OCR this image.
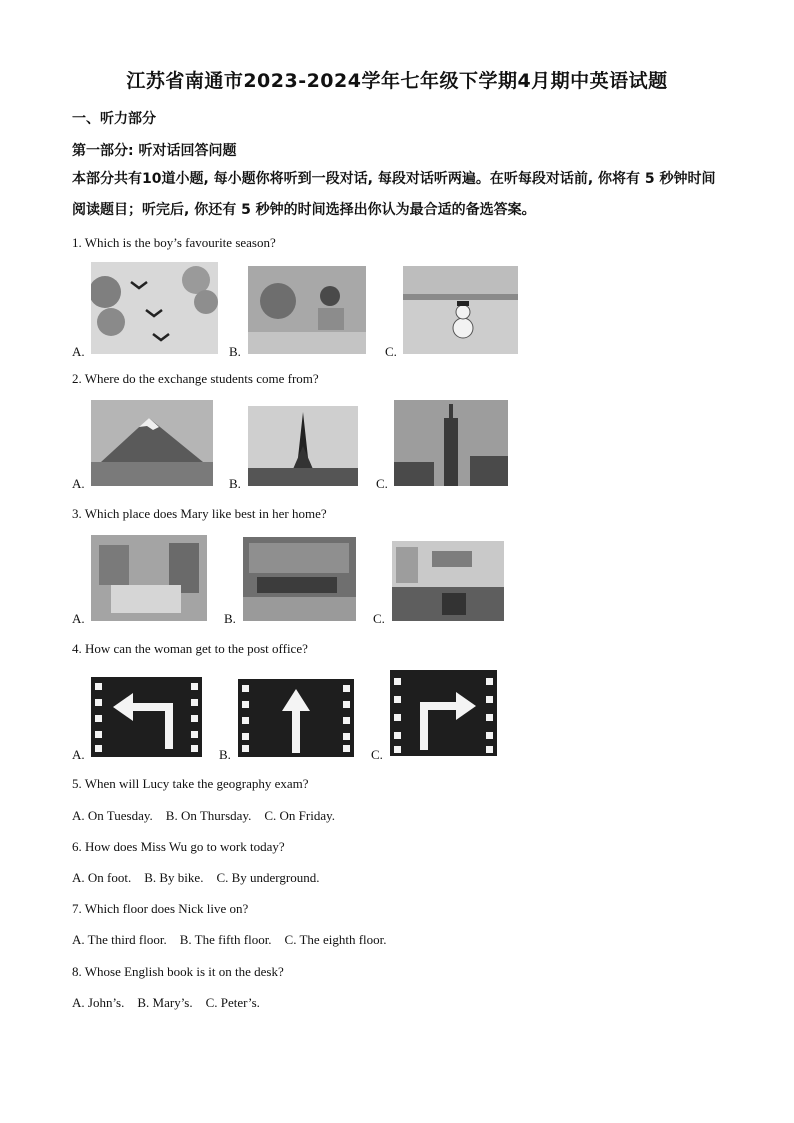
江苏省南通市2023-2024学年七年级下学期4月期中英语试题
一、听力部分
第一部分: 听对话回答问题
本部分共有10道小题, 每小题你将听到一段对话, 每段对话听两遍。在听每段对话前, 你将有 5 秒钟时间阅读题目；听完后, 你还有 5 秒钟的时间选择出你认为最合适的备选答案。
1. Which is the boy’s favourite season?
A.	B.	C.
2. Where do the exchange students come from?
A.	B.	C.
3. Which place does Mary like best in her home?
A.	B.	C.
4. How can the woman get to the post office?
A.	B.	C.
5. When will Lucy take the geography exam?
A. On Tuesday.    B. On Thursday.    C. On Friday.
6. How does Miss Wu go to work today?
A. On foot.    B. By bike.    C. By underground.
7. Which floor does Nick live on?
A. The third floor.    B. The fifth floor.    C. The eighth floor.
8. Whose English book is it on the desk?
A. John’s.    B. Mary’s.    C. Peter’s.
